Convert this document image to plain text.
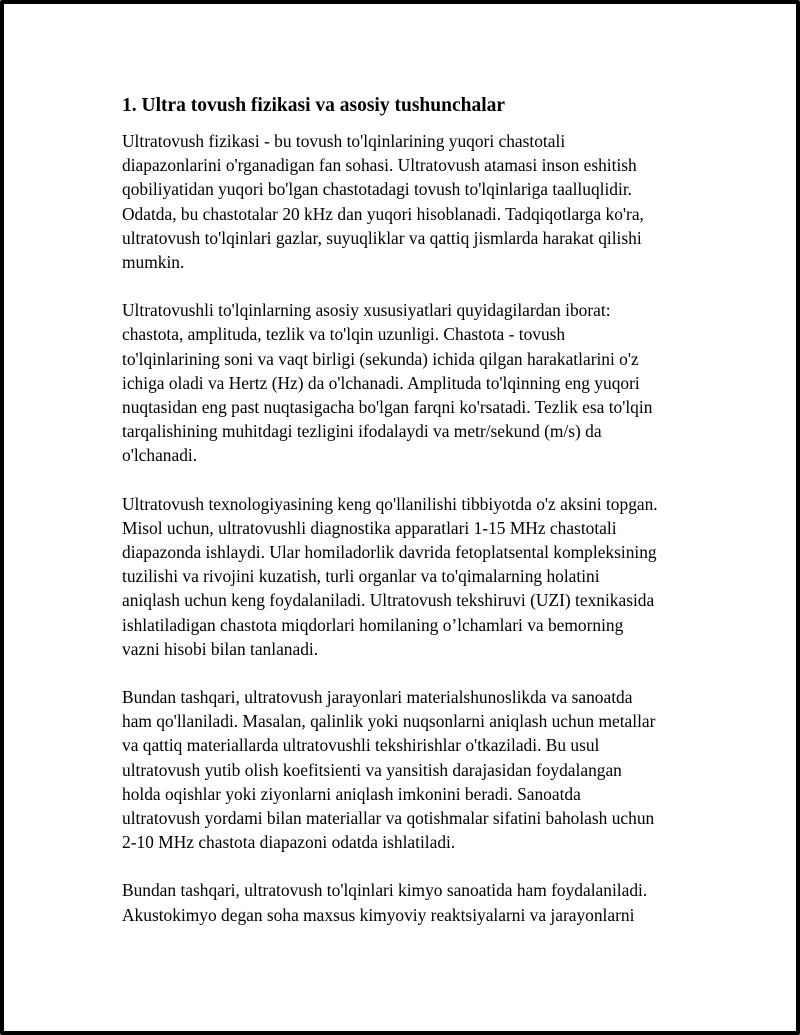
1. Ultra tovush fizikasi va asosiy tushunchalar

Ultratovush fizikasi - bu tovush to'lqinlarining yuqori chastotali
diapazonlarini o'rganadigan fan sohasi. Ultratovush atamasi inson eshitish
qobiliyatidan yuqori bo'lgan chastotadagi tovush to'lqinlariga taalluqlidir.
Odatda, bu chastotalar 20 kHz dan yuqori hisoblanadi. Tadqiqotlarga ko'ra,
ultratovush to'lqinlari gazlar, suyuqliklar va qattiq jismlarda harakat qilishi
mumkin.

Ultratovushli to'lqinlarning asosiy xususiyatlari quyidagilardan iborat:
chastota, amplituda, tezlik va to'lqin uzunligi. Chastota - tovush
to'lqinlarining soni va vaqt birligi (sekunda) ichida qilgan harakatlarini o'z
ichiga oladi va Hertz (Hz) da o'lchanadi. Amplituda to'lqinning eng yuqori
nuqtasidan eng past nuqtasigacha bo'lgan farqni ko'rsatadi. Tezlik esa to'lqin
tarqalishining muhitdagi tezligini ifodalaydi va metr/sekund (m/s) da
o'lchanadi.

Ultratovush texnologiyasining keng qo'llanilishi tibbiyotda o'z aksini topgan.
Misol uchun, ultratovushli diagnostika apparatlari 1-15 MHz chastotali
diapazonda ishlaydi. Ular homiladorlik davrida fetoplatsental kompleksining
tuzilishi va rivojini kuzatish, turli organlar va to'qimalarning holatini
aniqlash uchun keng foydalaniladi. Ultratovush tekshiruvi (UZI) texnikasida
ishlatiladigan chastota miqdorlari homilaning o’lchamlari va bemorning
vazni hisobi bilan tanlanadi.

Bundan tashqari, ultratovush jarayonlari materialshunoslikda va sanoatda
ham qo'llaniladi. Masalan, qalinlik yoki nuqsonlarni aniqlash uchun metallar
va qattiq materiallarda ultratovushli tekshirishlar o'tkaziladi. Bu usul
ultratovush yutib olish koefitsienti va yansitish darajasidan foydalangan
holda oqishlar yoki ziyonlarni aniqlash imkonini beradi. Sanoatda
ultratovush yordami bilan materiallar va qotishmalar sifatini baholash uchun
2-10 MHz chastota diapazoni odatda ishlatiladi.

Bundan tashqari, ultratovush to'lqinlari kimyo sanoatida ham foydalaniladi.
Akustokimyo degan soha maxsus kimyoviy reaktsiyalarni va jarayonlarni
